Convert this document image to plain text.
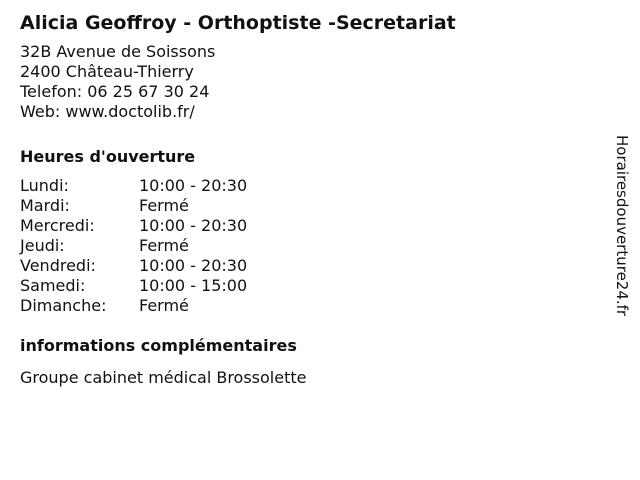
Alicia Geoffroy - Orthoptiste -Secretariat
32B Avenue de Soissons
2400 Château-Thierry
Telefon: 06 25 67 30 24
Web: www.doctolib.fr/
Heures d'ouverture
Lundi:	10:00 - 20:30
Mardi:	Fermé
Mercredi:	10:00 - 20:30
Jeudi:	Fermé
Vendredi:	10:00 - 20:30
Samedi:	10:00 - 15:00
Dimanche:	Fermé
informations complémentaires
Groupe cabinet médical Brossolette
Horairesdouverture24.fr
